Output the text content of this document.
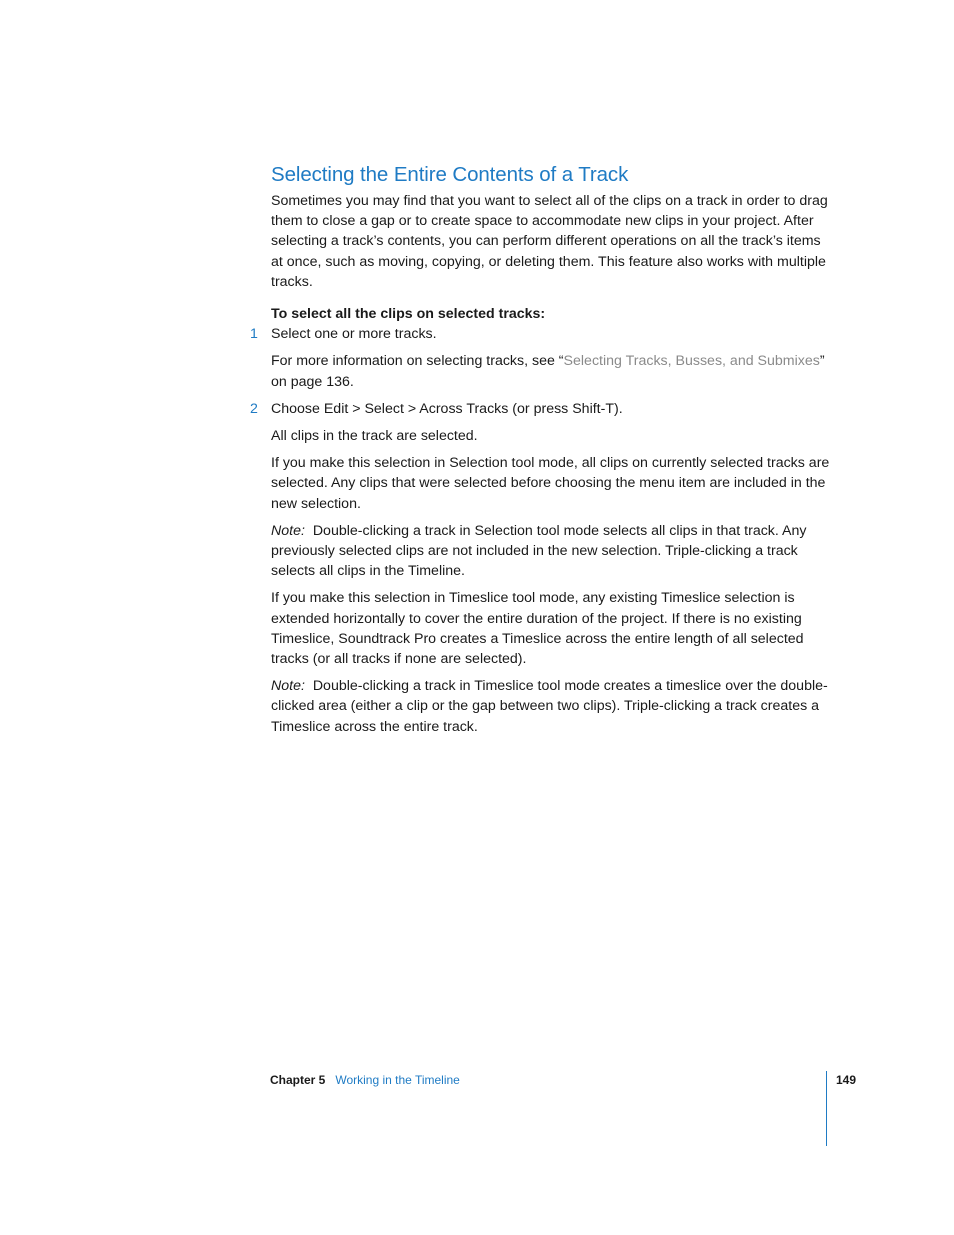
Selecting the Entire Contents of a Track

Sometimes you may find that you want to select all of the clips on a track in order to drag them to close a gap or to create space to accommodate new clips in your project. After selecting a track’s contents, you can perform different operations on all the track’s items at once, such as moving, copying, or deleting them. This feature also works with multiple tracks.

To select all the clips on selected tracks:

1 Select one or more tracks.

For more information on selecting tracks, see “Selecting Tracks, Busses, and Submixes” on page 136.

2 Choose Edit > Select > Across Tracks (or press Shift-T).

All clips in the track are selected.

If you make this selection in Selection tool mode, all clips on currently selected tracks are selected. Any clips that were selected before choosing the menu item are included in the new selection.

Note: Double-clicking a track in Selection tool mode selects all clips in that track. Any previously selected clips are not included in the new selection. Triple-clicking a track selects all clips in the Timeline.

If you make this selection in Timeslice tool mode, any existing Timeslice selection is extended horizontally to cover the entire duration of the project. If there is no existing Timeslice, Soundtrack Pro creates a Timeslice across the entire length of all selected tracks (or all tracks if none are selected).

Note: Double-clicking a track in Timeslice tool mode creates a timeslice over the double-clicked area (either a clip or the gap between two clips). Triple-clicking a track creates a Timeslice across the entire track.

Chapter 5 Working in the Timeline	149
